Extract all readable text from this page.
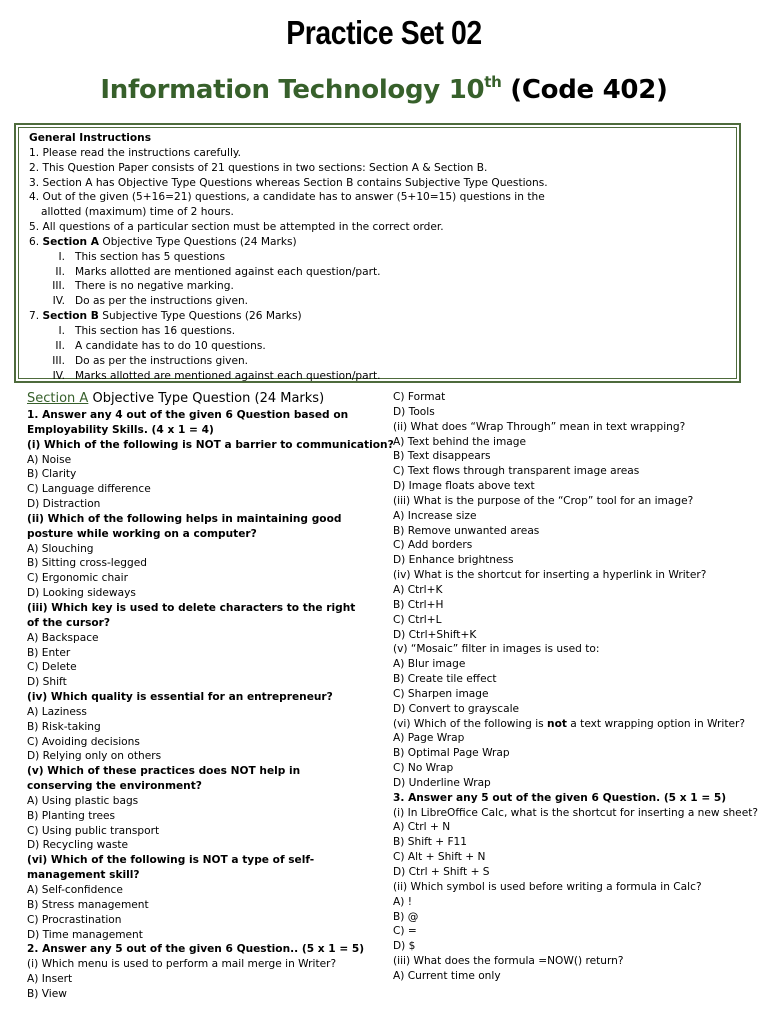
Practice Set 02
Information Technology 10th (Code 402)
General Instructions
1. Please read the instructions carefully.
2. This Question Paper consists of 21 questions in two sections: Section A & Section B.
3. Section A has Objective Type Questions whereas Section B contains Subjective Type Questions.
4. Out of the given (5+16=21) questions, a candidate has to answer (5+10=15) questions in the
allotted (maximum) time of 2 hours.
5. All questions of a particular section must be attempted in the correct order.
6. Section A Objective Type Questions (24 Marks)
I. This section has 5 questions
II. Marks allotted are mentioned against each question/part.
III. There is no negative marking.
IV. Do as per the instructions given.
7. Section B Subjective Type Questions (26 Marks)
I. This section has 16 questions.
II. A candidate has to do 10 questions.
III. Do as per the instructions given.
IV. Marks allotted are mentioned against each question/part.
Section A Objective Type Question (24 Marks)
1. Answer any 4 out of the given 6 Question based on Employability Skills. (4 x 1 = 4)
(i) Which of the following is NOT a barrier to communication?
A) Noise
B) Clarity
C) Language difference
D) Distraction
(ii) Which of the following helps in maintaining good posture while working on a computer?
A) Slouching
B) Sitting cross-legged
C) Ergonomic chair
D) Looking sideways
(iii) Which key is used to delete characters to the right of the cursor?
A) Backspace
B) Enter
C) Delete
D) Shift
(iv) Which quality is essential for an entrepreneur?
A) Laziness
B) Risk-taking
C) Avoiding decisions
D) Relying only on others
(v) Which of these practices does NOT help in conserving the environment?
A) Using plastic bags
B) Planting trees
C) Using public transport
D) Recycling waste
(vi) Which of the following is NOT a type of self-management skill?
A) Self-confidence
B) Stress management
C) Procrastination
D) Time management
2. Answer any 5 out of the given 6 Question.. (5 x 1 = 5)
(i) Which menu is used to perform a mail merge in Writer?
A) Insert
B) View
C) Format
D) Tools
(ii) What does “Wrap Through” mean in text wrapping?
A) Text behind the image
B) Text disappears
C) Text flows through transparent image areas
D) Image floats above text
(iii) What is the purpose of the “Crop” tool for an image?
A) Increase size
B) Remove unwanted areas
C) Add borders
D) Enhance brightness
(iv) What is the shortcut for inserting a hyperlink in Writer?
A) Ctrl+K
B) Ctrl+H
C) Ctrl+L
D) Ctrl+Shift+K
(v) “Mosaic” filter in images is used to:
A) Blur image
B) Create tile effect
C) Sharpen image
D) Convert to grayscale
(vi) Which of the following is not a text wrapping option in Writer?
A) Page Wrap
B) Optimal Page Wrap
C) No Wrap
D) Underline Wrap
3. Answer any 5 out of the given 6 Question. (5 x 1 = 5)
(i) In LibreOffice Calc, what is the shortcut for inserting a new sheet?
A) Ctrl + N
B) Shift + F11
C) Alt + Shift + N
D) Ctrl + Shift + S
(ii) Which symbol is used before writing a formula in Calc?
A) !
B) @
C) =
D) $
(iii) What does the formula =NOW() return?
A) Current time only
